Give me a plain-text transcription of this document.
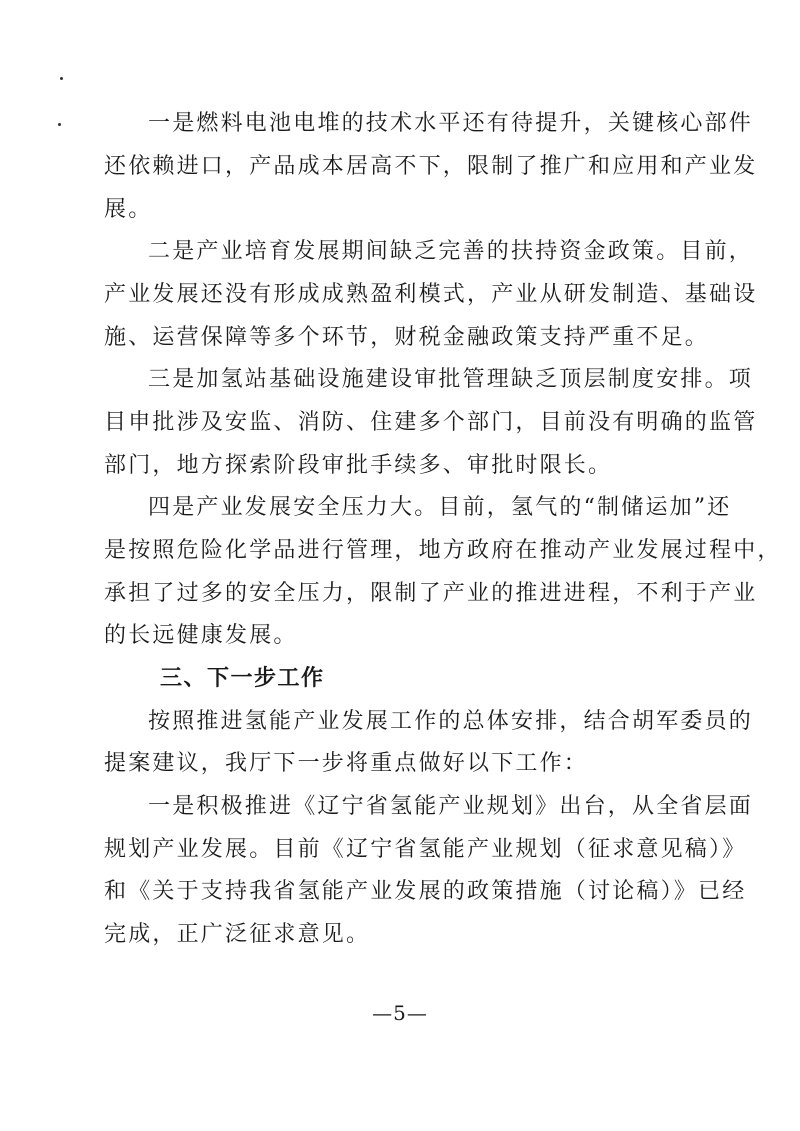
一是燃料电池电堆的技术水平还有待提升，关键核心部件
还依赖进口，产品成本居高不下，限制了推广和应用和产业发
展。
二是产业培育发展期间缺乏完善的扶持资金政策。目前，
产业发展还没有形成成熟盈利模式，产业从研发制造、基础设
施、运营保障等多个环节，财税金融政策支持严重不足。
三是加氢站基础设施建设审批管理缺乏顶层制度安排。项
目申批涉及安监、消防、住建多个部门，目前没有明确的监管
部门，地方探索阶段审批手续多、审批时限长。
四是产业发展安全压力大。目前，氢气的“制储运加”还
是按照危险化学品进行管理，地方政府在推动产业发展过程中，
承担了过多的安全压力，限制了产业的推进进程，不利于产业
的长远健康发展。
三、下一步工作
按照推进氢能产业发展工作的总体安排，结合胡军委员的
提案建议，我厅下一步将重点做好以下工作：
一是积极推进《辽宁省氢能产业规划》出台，从全省层面
规划产业发展。目前《辽宁省氢能产业规划（征求意见稿）》
和《关于支持我省氢能产业发展的政策措施（讨论稿）》已经
完成，正广泛征求意见。
—5—
